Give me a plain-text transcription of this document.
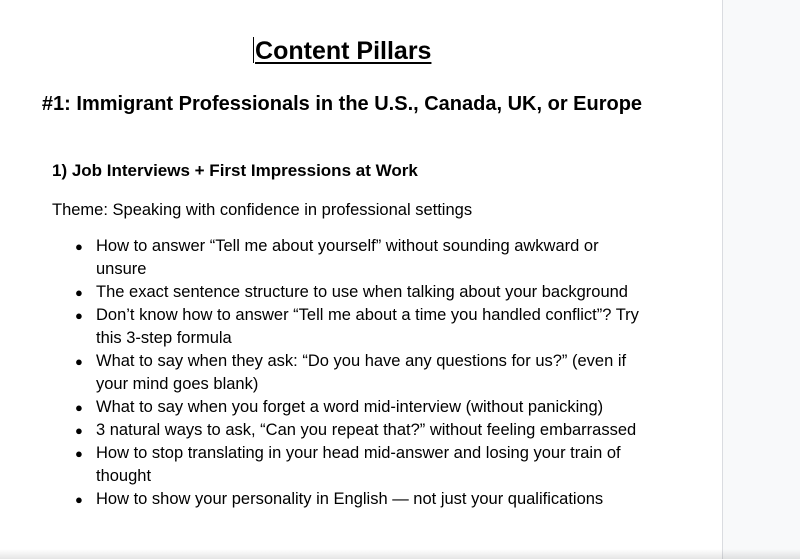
Content Pillars
#1: Immigrant Professionals in the U.S., Canada, UK, or Europe
1) Job Interviews + First Impressions at Work
Theme: Speaking with confidence in professional settings
● How to answer “Tell me about yourself” without sounding awkward or unsure
● The exact sentence structure to use when talking about your background
● Don’t know how to answer “Tell me about a time you handled conflict”? Try this 3-step formula
● What to say when they ask: “Do you have any questions for us?” (even if your mind goes blank)
● What to say when you forget a word mid-interview (without panicking)
● 3 natural ways to ask, “Can you repeat that?” without feeling embarrassed
● How to stop translating in your head mid-answer and losing your train of thought
● How to show your personality in English — not just your qualifications
